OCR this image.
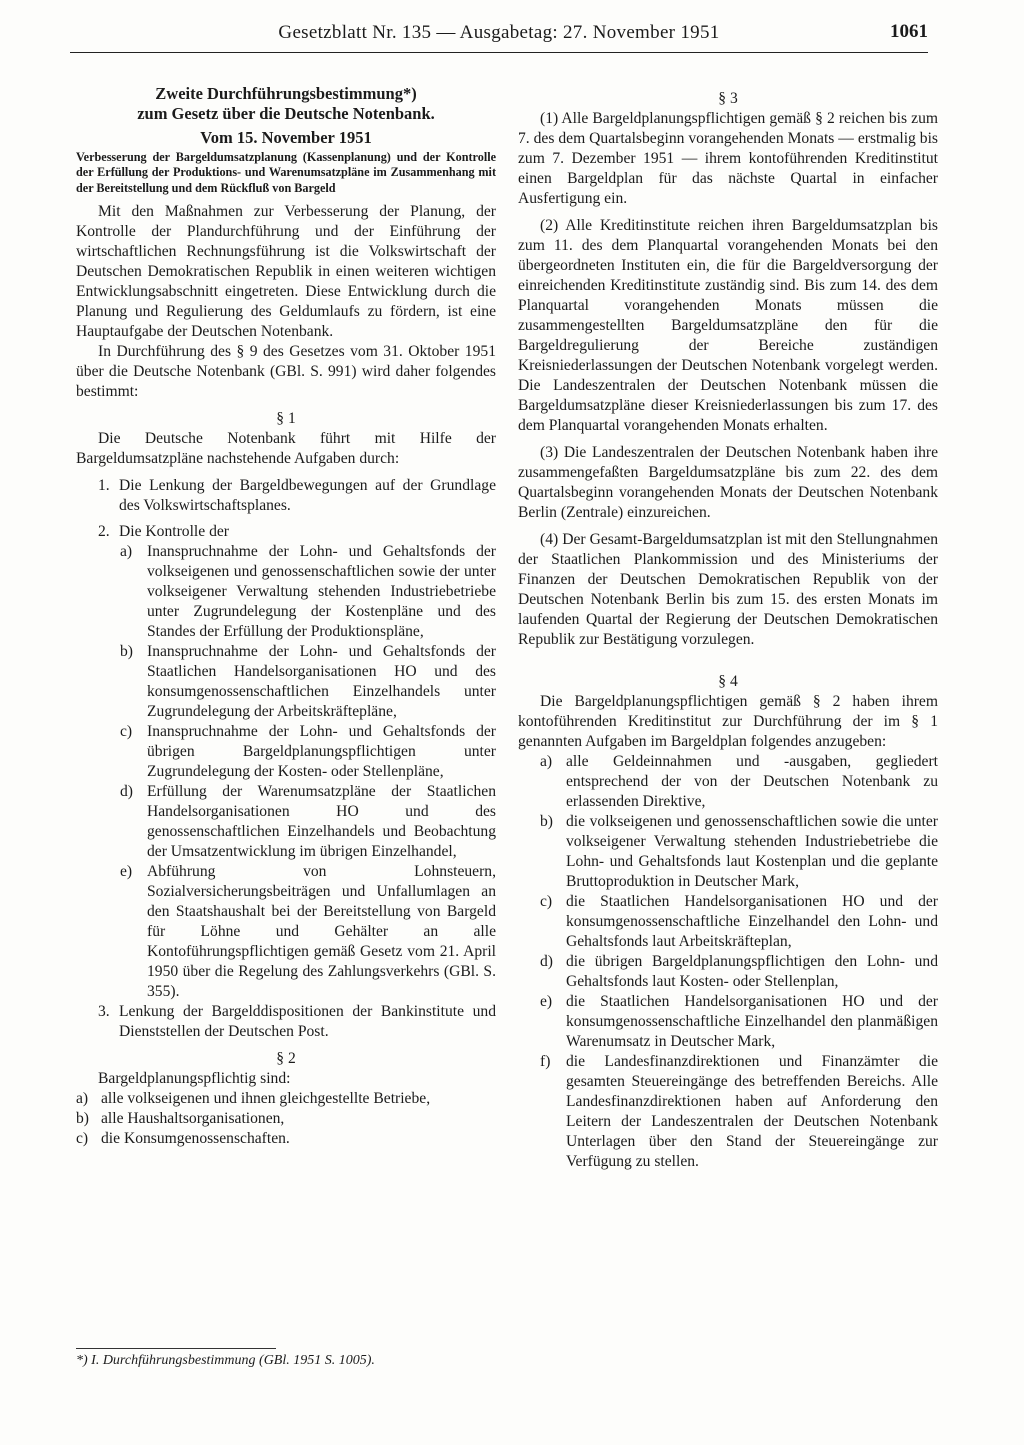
Gesetzblatt Nr. 135 — Ausgabetag: 27. November 1951	1061

Zweite Durchführungsbestimmung*)

zum Gesetz über die Deutsche Notenbank.

Vom 15. November 1951

Verbesserung der Bargeldumsatzplanung (Kassenplanung) und der Kontrolle der Erfüllung der Produktions- und Warenumsatzpläne im Zusammenhang mit der Bereitstellung und dem Rückfluß von Bargeld

Mit den Maßnahmen zur Verbesserung der Planung, der Kontrolle der Plandurchführung und der Einführung der wirtschaftlichen Rechnungsführung ist die Volkswirtschaft der Deutschen Demokratischen Republik in einen weiteren wichtigen Entwicklungsabschnitt eingetreten. Diese Entwicklung durch die Planung und Regulierung des Geldumlaufs zu fördern, ist eine Hauptaufgabe der Deutschen Notenbank.

In Durchführung des § 9 des Gesetzes vom 31. Oktober 1951 über die Deutsche Notenbank (GBl. S. 991) wird daher folgendes bestimmt:

§ 1

Die Deutsche Notenbank führt mit Hilfe der Bargeldumsatzpläne nachstehende Aufgaben durch:

1. Die Lenkung der Bargeldbewegungen auf der Grundlage des Volkswirtschaftsplanes.
2. Die Kontrolle der
a) Inanspruchnahme der Lohn- und Gehaltsfonds der volkseigenen und genossenschaftlichen sowie der unter volkseigener Verwaltung stehenden Industriebetriebe unter Zugrundelegung der Kostenpläne und des Standes der Erfüllung der Produktionspläne,
b) Inanspruchnahme der Lohn- und Gehaltsfonds der Staatlichen Handelsorganisationen HO und des konsumgenossenschaftlichen Einzelhandels unter Zugrundelegung der Arbeitskräftepläne,
c) Inanspruchnahme der Lohn- und Gehaltsfonds der übrigen Bargeldplanungspflichtigen unter Zugrundelegung der Kosten- oder Stellenpläne,
d) Erfüllung der Warenumsatzpläne der Staatlichen Handelsorganisationen HO und des genossenschaftlichen Einzelhandels und Beobachtung der Umsatzentwicklung im übrigen Einzelhandel,
e) Abführung von Lohnsteuern, Sozialversicherungsbeiträgen und Unfallumlagen an den Staatshaushalt bei der Bereitstellung von Bargeld für Löhne und Gehälter an alle Kontoführungspflichtigen gemäß Gesetz vom 21. April 1950 über die Regelung des Zahlungsverkehrs (GBl. S. 355).
3. Lenkung der Bargelddispositionen der Bankinstitute und Dienststellen der Deutschen Post.

§ 2

Bargeldplanungspflichtig sind:

a) alle volkseigenen und ihnen gleichgestellte Betriebe,
b) alle Haushaltsorganisationen,
c) die Konsumgenossenschaften.
*) I. Durchführungsbestimmung (GBl. 1951 S. 1005).

§ 3

(1) Alle Bargeldplanungspflichtigen gemäß § 2 reichen bis zum 7. des dem Quartalsbeginn vorangehenden Monats — erstmalig bis zum 7. Dezember 1951 — ihrem kontoführenden Kreditinstitut einen Bargeldplan für das nächste Quartal in einfacher Ausfertigung ein.

(2) Alle Kreditinstitute reichen ihren Bargeldumsatzplan bis zum 11. des dem Planquartal vorangehenden Monats bei den übergeordneten Instituten ein, die für die Bargeldversorgung der einreichenden Kreditinstitute zuständig sind. Bis zum 14. des dem Planquartal vorangehenden Monats müssen die zusammengestellten Bargeldumsatzpläne den für die Bargeldregulierung der Bereiche zuständigen Kreisniederlassungen der Deutschen Notenbank vorgelegt werden. Die Landeszentralen der Deutschen Notenbank müssen die Bargeldumsatzpläne dieser Kreisniederlassungen bis zum 17. des dem Planquartal vorangehenden Monats erhalten.

(3) Die Landeszentralen der Deutschen Notenbank haben ihre zusammengefaßten Bargeldumsatzpläne bis zum 22. des dem Quartalsbeginn vorangehenden Monats der Deutschen Notenbank Berlin (Zentrale) einzureichen.

(4) Der Gesamt-Bargeldumsatzplan ist mit den Stellungnahmen der Staatlichen Plankommission und des Ministeriums der Finanzen der Deutschen Demokratischen Republik von der Deutschen Notenbank Berlin bis zum 15. des ersten Monats im laufenden Quartal der Regierung der Deutschen Demokratischen Republik zur Bestätigung vorzulegen.

§ 4

Die Bargeldplanungspflichtigen gemäß § 2 haben ihrem kontoführenden Kreditinstitut zur Durchführung der im § 1 genannten Aufgaben im Bargeldplan folgendes anzugeben:

a) alle Geldeinnahmen und -ausgaben, gegliedert entsprechend der von der Deutschen Notenbank zu erlassenden Direktive,
b) die volkseigenen und genossenschaftlichen sowie die unter volkseigener Verwaltung stehenden Industriebetriebe die Lohn- und Gehaltsfonds laut Kostenplan und die geplante Bruttoproduktion in Deutscher Mark,
c) die Staatlichen Handelsorganisationen HO und der konsumgenossenschaftliche Einzelhandel den Lohn- und Gehaltsfonds laut Arbeitskräfteplan,
d) die übrigen Bargeldplanungspflichtigen den Lohn- und Gehaltsfonds laut Kosten- oder Stellenplan,
e) die Staatlichen Handelsorganisationen HO und der konsumgenossenschaftliche Einzelhandel den planmäßigen Warenumsatz in Deutscher Mark,
f)	die Landesfinanzdirektionen und Finanzämter die gesamten Steuereingänge des betreffenden Bereichs. Alle Landesfinanzdirektionen haben auf Anforderung den Leitern der Landeszentralen der Deutschen Notenbank Unterlagen über den Stand der Steuereingänge zur Verfügung zu stellen.
